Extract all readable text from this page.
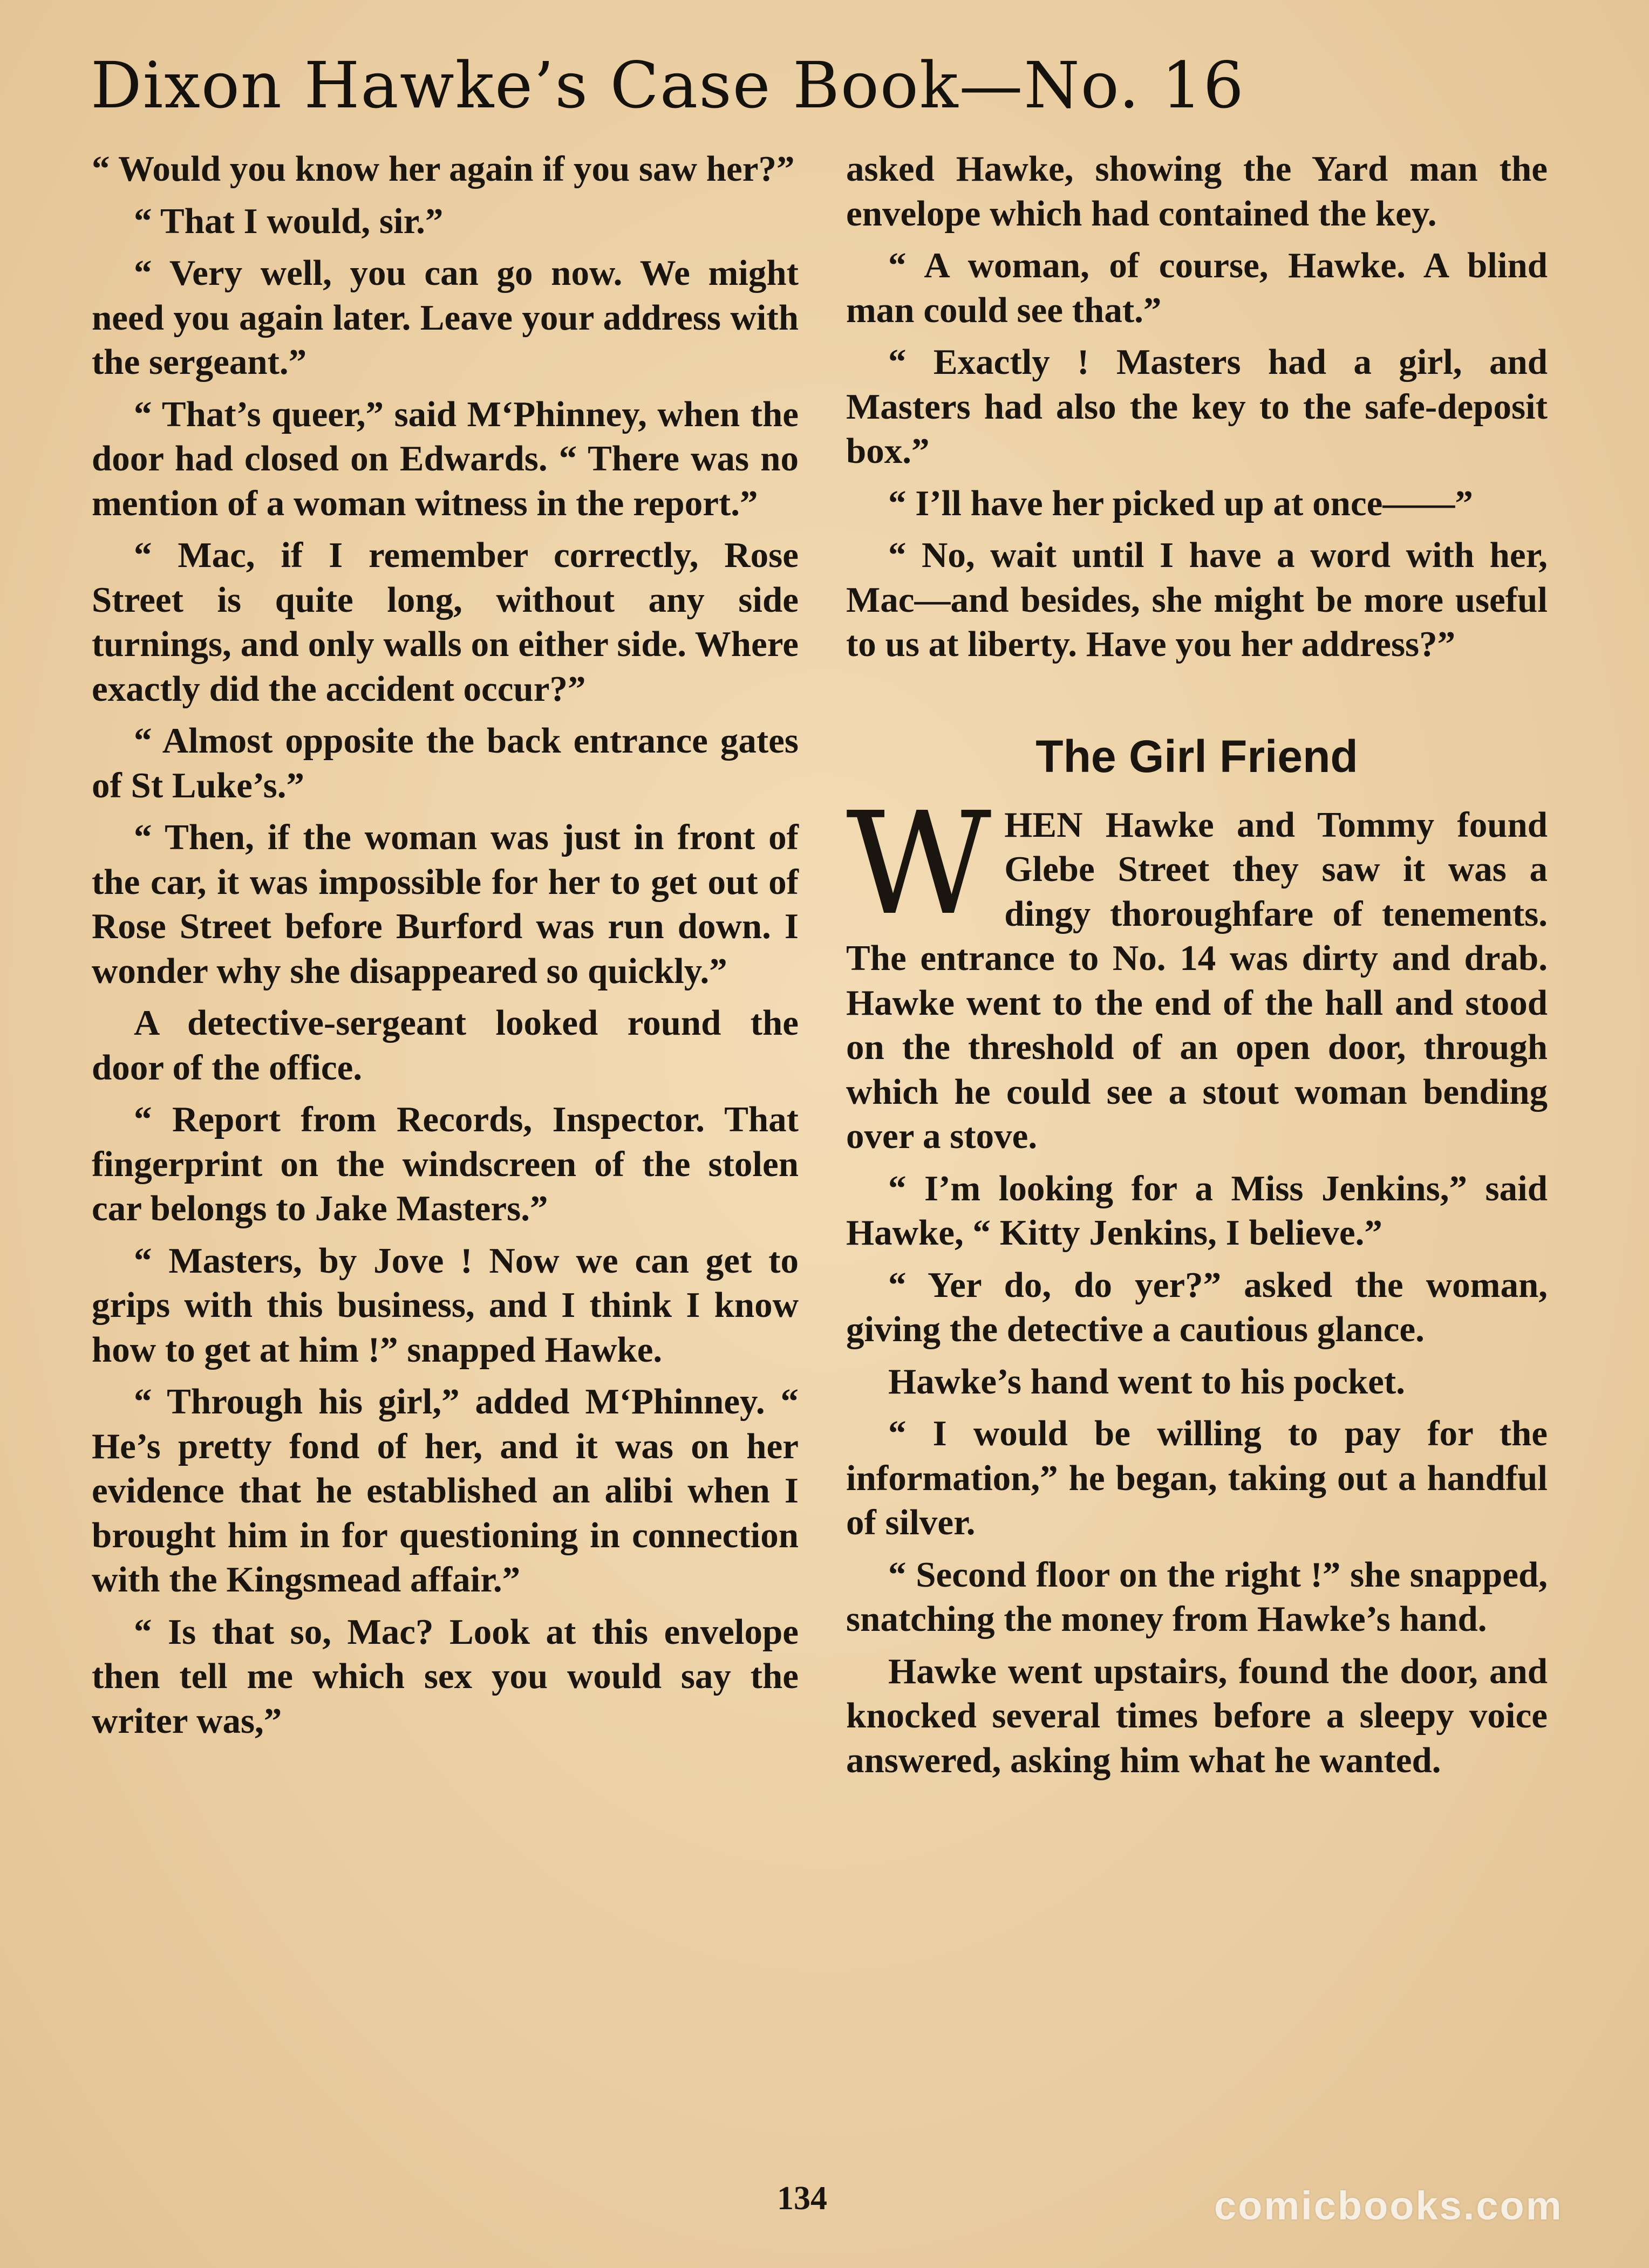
Dixon Hawke’s Case Book—No. 16

“ Would you know her again if you saw her?”

“ That I would, sir.”

“ Very well, you can go now. We might need you again later. Leave your address with the sergeant.”

“ That’s queer,” said M‘Phinney, when the door had closed on Edwards. “ There was no mention of a woman witness in the report.”

“ Mac, if I remember correctly, Rose Street is quite long, without any side turnings, and only walls on either side. Where exactly did the accident occur?”

“ Almost opposite the back entrance gates of St Luke’s.”

“ Then, if the woman was just in front of the car, it was impossible for her to get out of Rose Street before Burford was run down. I wonder why she disappeared so quickly.”

A detective-sergeant looked round the door of the office.

“ Report from Records, Inspector. That fingerprint on the windscreen of the stolen car belongs to Jake Masters.”

“ Masters, by Jove ! Now we can get to grips with this business, and I think I know how to get at him !” snapped Hawke.

“ Through his girl,” added M‘Phinney. “ He’s pretty fond of her, and it was on her evidence that he established an alibi when I brought him in for questioning in connection with the Kingsmead affair.”

“ Is that so, Mac? Look at this envelope then tell me which sex you would say the writer was,”

asked Hawke, showing the Yard man the envelope which had contained the key.

“ A woman, of course, Hawke. A blind man could see that.”

“ Exactly ! Masters had a girl, and Masters had also the key to the safe-deposit box.”

“ I’ll have her picked up at once——”

“ No, wait until I have a word with her, Mac—and besides, she might be more useful to us at liberty. Have you her address?”

The Girl Friend

WHEN Hawke and Tommy found Glebe Street they saw it was a dingy thoroughfare of tenements. The entrance to No. 14 was dirty and drab. Hawke went to the end of the hall and stood on the threshold of an open door, through which he could see a stout woman bending over a stove.

“ I’m looking for a Miss Jenkins,” said Hawke, “ Kitty Jenkins, I believe.”

“ Yer do, do yer?” asked the woman, giving the detective a cautious glance.

Hawke’s hand went to his pocket.

“ I would be willing to pay for the information,” he began, taking out a handful of silver.

“ Second floor on the right !” she snapped, snatching the money from Hawke’s hand.

Hawke went upstairs, found the door, and knocked several times before a sleepy voice answered, asking him what he wanted.

134	comicbooks.com
